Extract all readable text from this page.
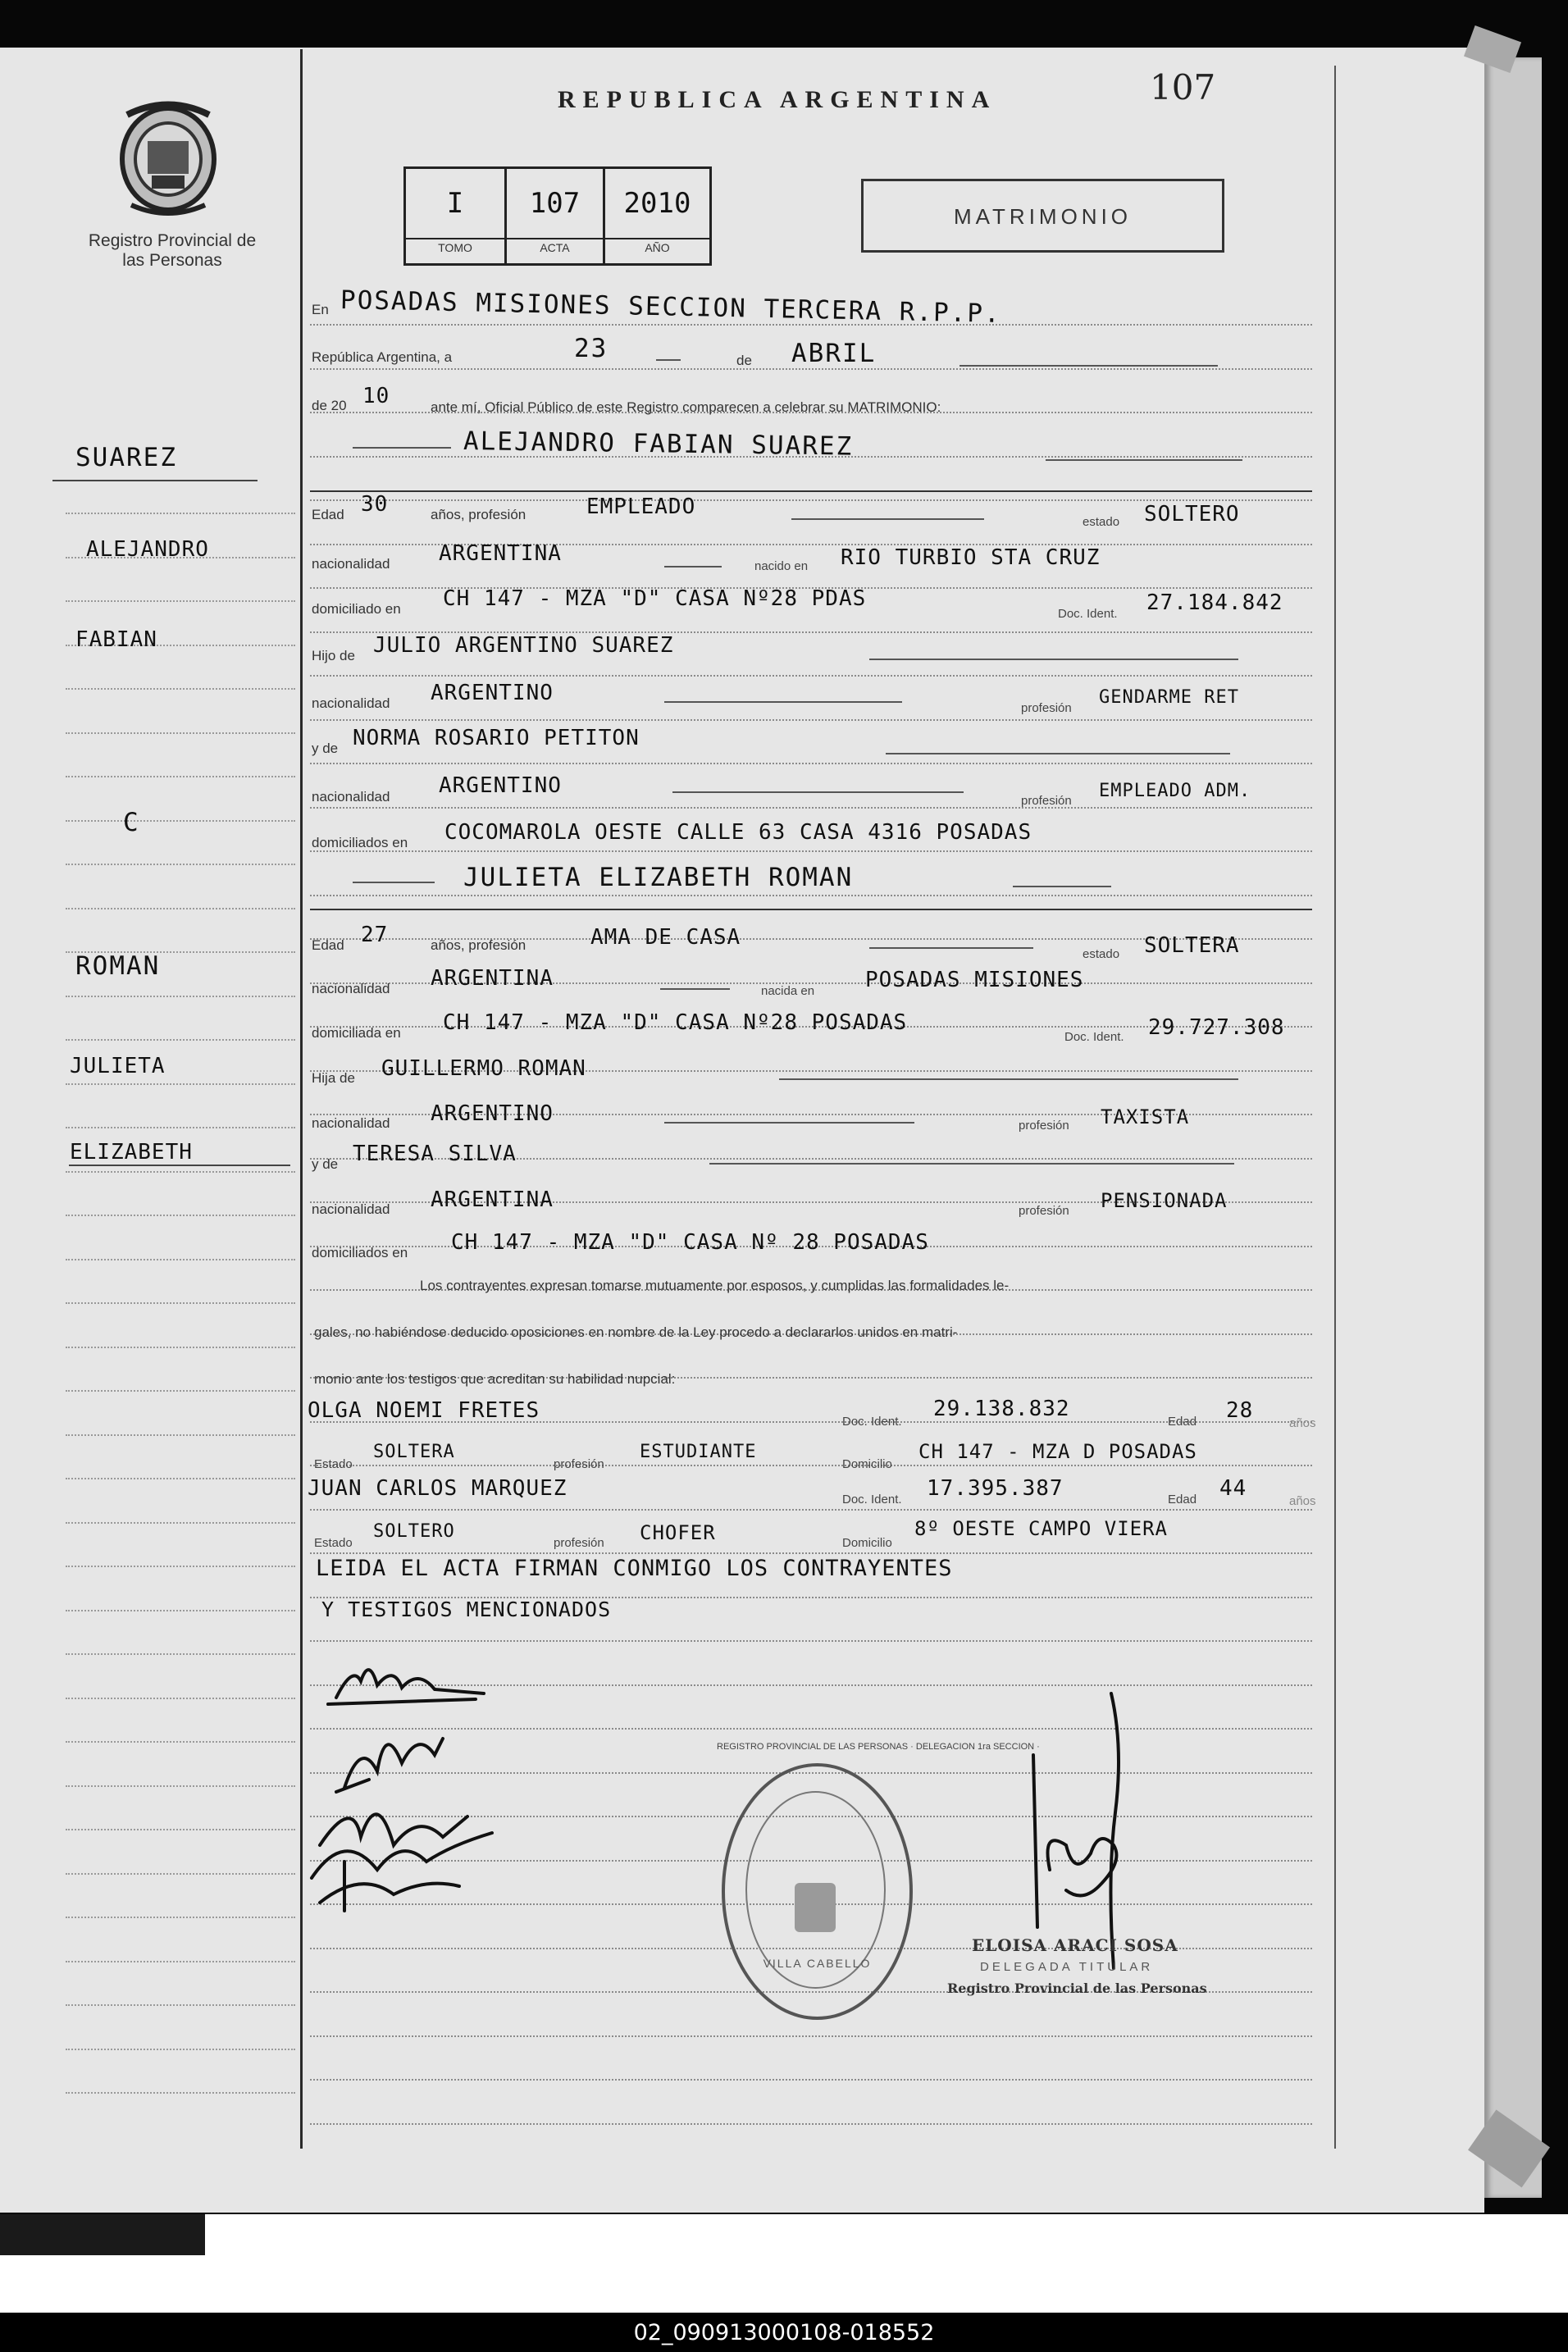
Registro Provincial de las Personas
REPUBLICA ARGENTINA	107
I
TOMO
107
ACTA
2010
AÑO
MATRIMONIO
SUAREZ
ALEJANDRO
FABIAN
C
ROMAN
JULIETA
ELIZABETH
En POSADAS MISIONES SECCION TERCERA R.P.P.
República Argentina, a	23	de ABRIL
de 20 10	ante mí, Oficial Público de este Registro comparecen a celebrar su MATRIMONIO:
ALEJANDRO FABIAN SUAREZ
Edad 30	años, profesión	EMPLEADO
estado SOLTERO
nacionalidad ARGENTINA
nacido en RIO TURBIO STA CRUZ
domiciliado en CH 147 - MZA "D" CASA Nº28 PDAS
Doc. Ident. 27.184.842
Hijo de JULIO ARGENTINO SUAREZ
nacionalidad ARGENTINO
profesión
GENDARME RET
y de NORMA ROSARIO PETITON
nacionalidad ARGENTINO
profesión EMPLEADO ADM.
domiciliados en COCOMAROLA OESTE CALLE 63 CASA 4316 POSADAS
JULIETA ELIZABETH ROMAN
Edad 27	años, profesión	AMA DE CASA
estado SOLTERA
nacionalidad ARGENTINA
nacida en POSADAS MISIONES
domiciliada en CH 147 - MZA "D" CASA Nº28 POSADAS
Doc. Ident. 29.727.308
Hija de GUILLERMO ROMAN
nacionalidad ARGENTINO	profesión TAXISTA
y de TERESA SILVA
nacionalidad ARGENTINA	profesión PENSIONADA
domiciliados en CH 147 - MZA "D" CASA Nº 28 POSADAS
Los contrayentes expresan tomarse mutuamente por esposos, y cumplidas las formalidades le-
gales, no habiéndose deducido oposiciones en nombre de la Ley procedo a declararlos unidos en matri-
monio ante los testigos que acreditan su habilidad nupcial:
OLGA NOEMI FRETES	Doc. Ident.
29.138.832
Edad 28
años
Estado
SOLTERA
profesión
ESTUDIANTE
Domicilio
CH 147 - MZA D POSADAS
JUAN CARLOS MARQUEZ	Doc. Ident. 17.395.387	Edad 44
años
Estado
SOLTERO
profesión CHOFER	Domicilio
8º OESTE CAMPO VIERA
LEIDA EL ACTA FIRMAN CONMIGO LOS CONTRAYENTES
Y TESTIGOS MENCIONADOS
REGISTRO PROVINCIAL DE LAS PERSONAS · DELEGACION 1ra SECCION ·
VILLA CABELLO
ELOISA ARACI SOSA
DELEGADA TITULAR
Registro Provincial de las Personas
02_090913000108-018552
